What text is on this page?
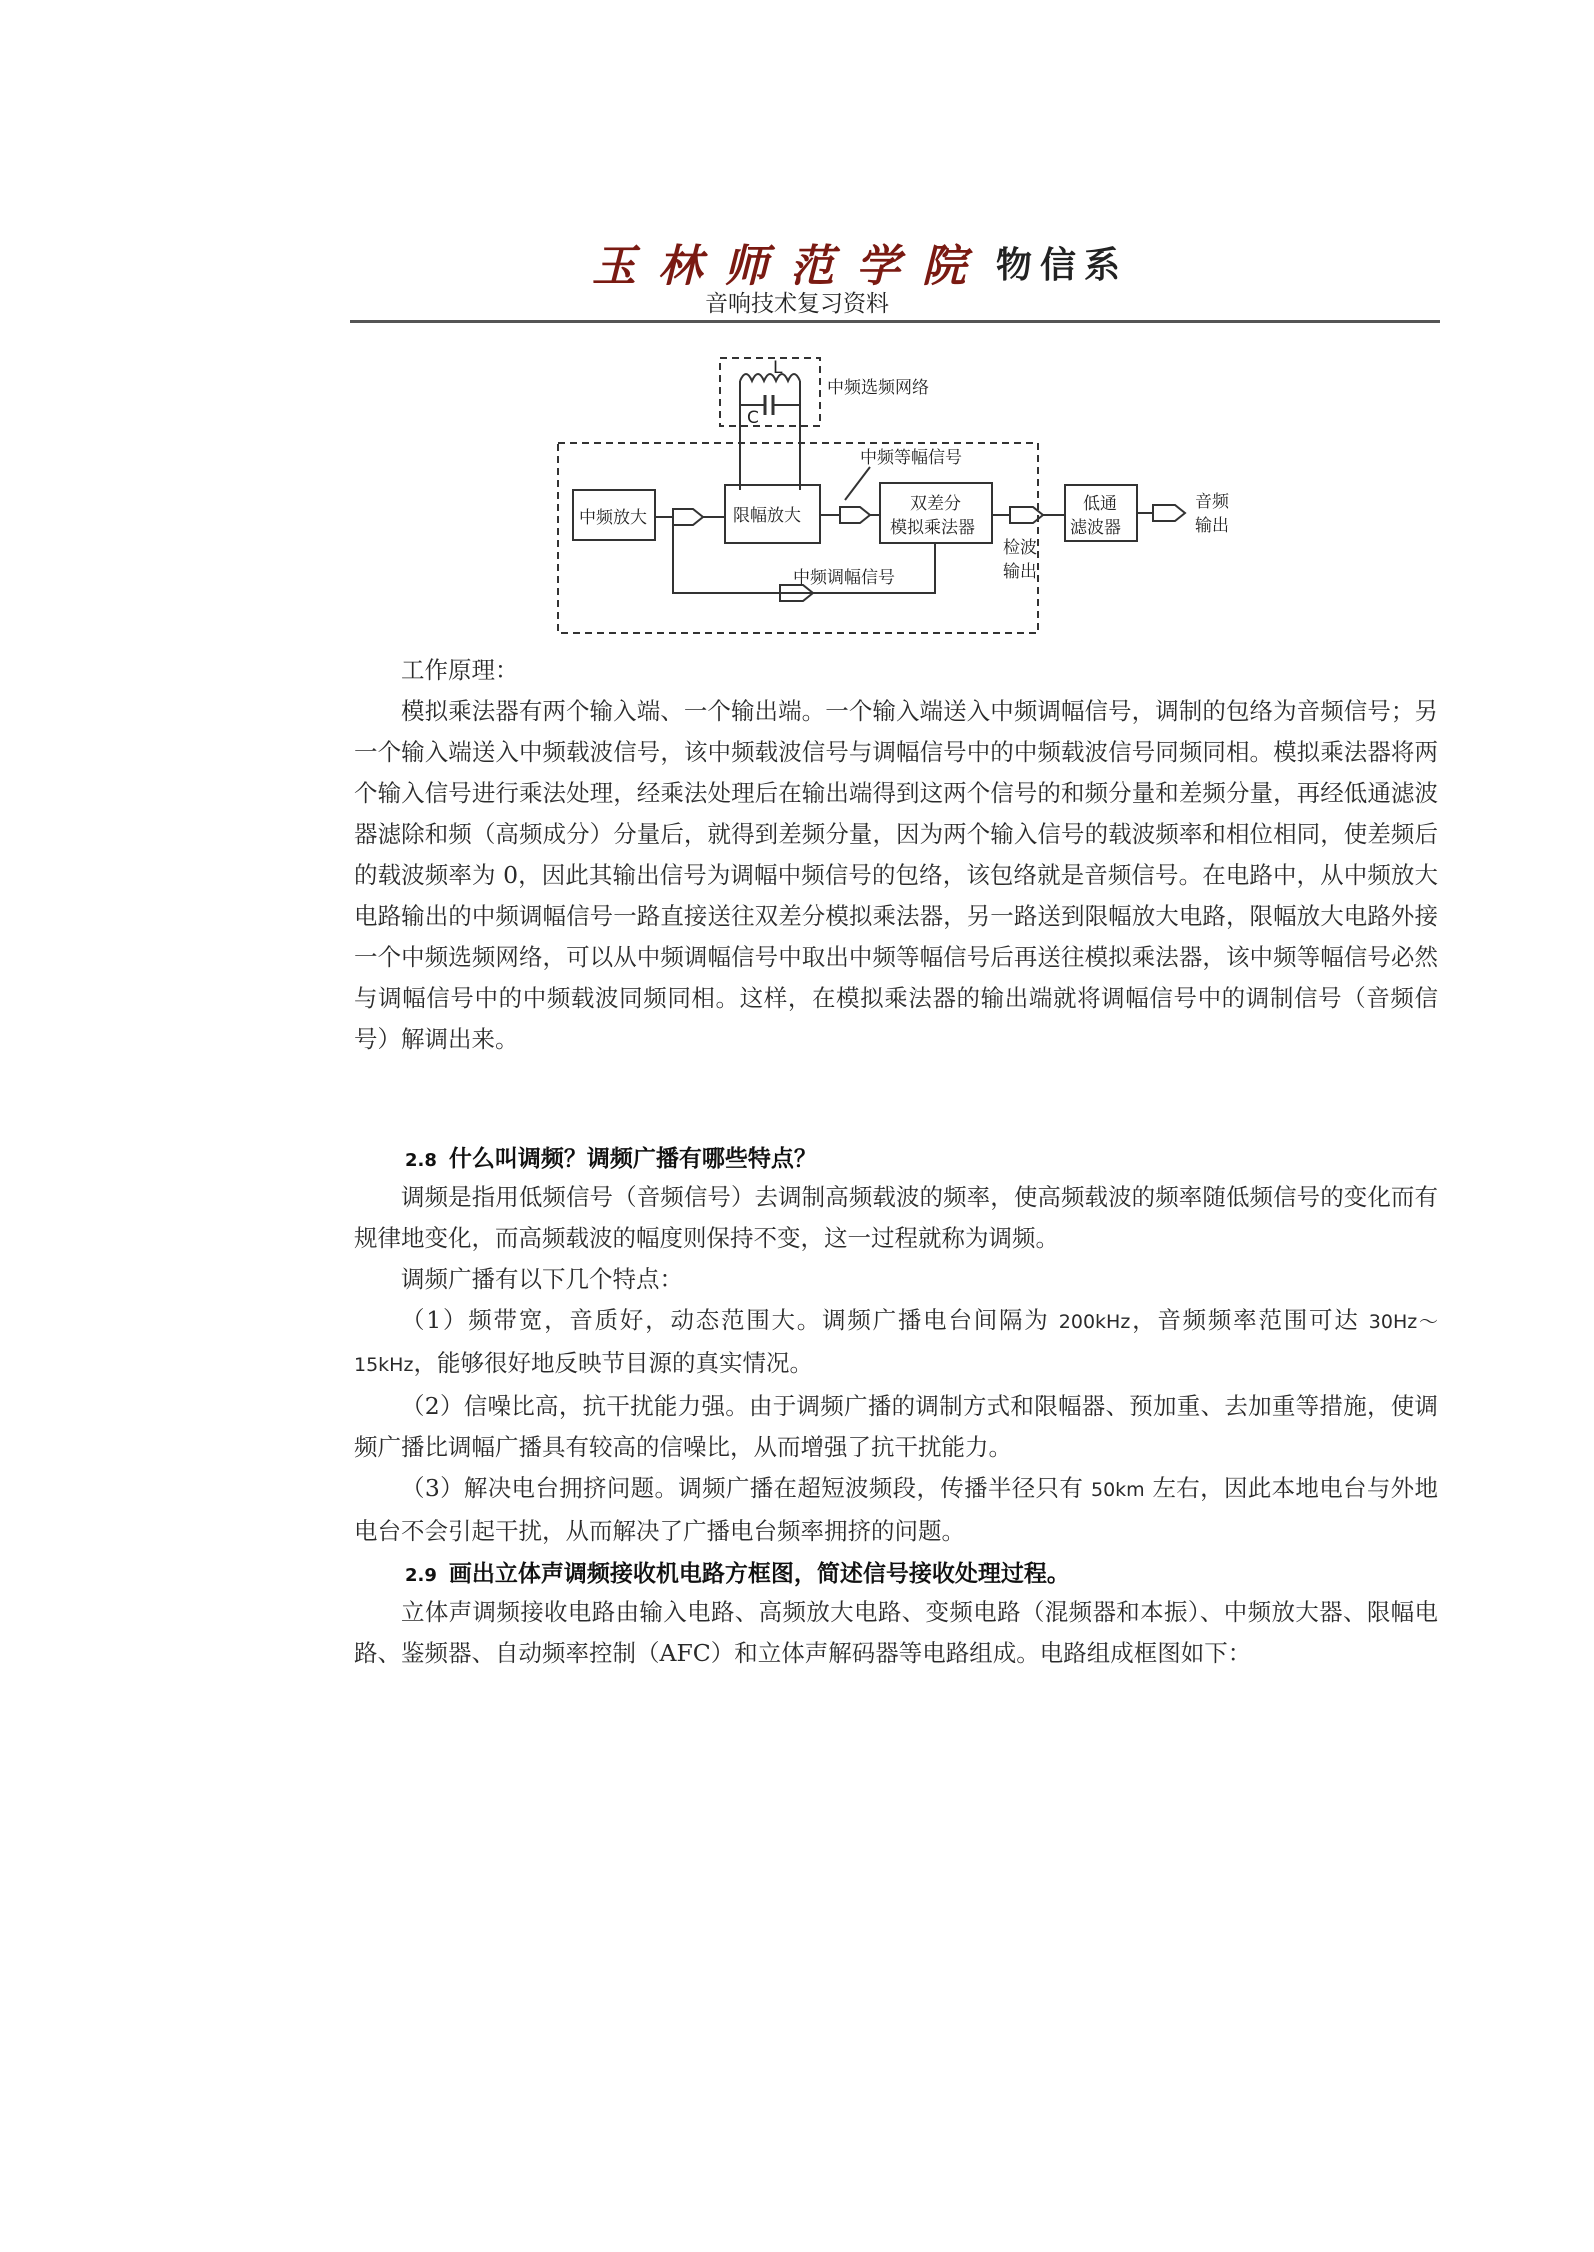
玉林师范学院 物信系
音响技术复习资料
L
C
中频选频网络
中频放大	限幅放大
双差分
模拟乘法器
低通
滤波器
音频
输出
中频等幅信号
中频调幅信号
检波
输出

工作原理：

模拟乘法器有两个输入端、一个输出端。一个输入端送入中频调幅信号，调制的包络为音频信号；另一个输入端送入中频载波信号，该中频载波信号与调幅信号中的中频载波信号同频同相。模拟乘法器将两个输入信号进行乘法处理，经乘法处理后在输出端得到这两个信号的和频分量和差频分量，再经低通滤波器滤除和频（高频成分）分量后，就得到差频分量，因为两个输入信号的载波频率和相位相同，使差频后的载波频率为 0，因此其输出信号为调幅中频信号的包络，该包络就是音频信号。在电路中，从中频放大电路输出的中频调幅信号一路直接送往双差分模拟乘法器，另一路送到限幅放大电路，限幅放大电路外接一个中频选频网络，可以从中频调幅信号中取出中频等幅信号后再送往模拟乘法器，该中频等幅信号必然与调幅信号中的中频载波同频同相。这样，在模拟乘法器的输出端就将调幅信号中的调制信号（音频信号）解调出来。

2.8 什么叫调频？调频广播有哪些特点？

调频是指用低频信号（音频信号）去调制高频载波的频率，使高频载波的频率随低频信号的变化而有规律地变化，而高频载波的幅度则保持不变，这一过程就称为调频。

调频广播有以下几个特点：

（1）频带宽，音质好，动态范围大。调频广播电台间隔为 200kHz，音频频率范围可达 30Hz～15kHz，能够很好地反映节目源的真实情况。

（2）信噪比高，抗干扰能力强。由于调频广播的调制方式和限幅器、预加重、去加重等措施，使调频广播比调幅广播具有较高的信噪比，从而增强了抗干扰能力。

（3）解决电台拥挤问题。调频广播在超短波频段，传播半径只有 50km 左右，因此本地电台与外地电台不会引起干扰，从而解决了广播电台频率拥挤的问题。

2.9 画出立体声调频接收机电路方框图，简述信号接收处理过程。

立体声调频接收电路由输入电路、高频放大电路、变频电路（混频器和本振）、中频放大器、限幅电路、鉴频器、自动频率控制（AFC）和立体声解码器等电路组成。电路组成框图如下：
